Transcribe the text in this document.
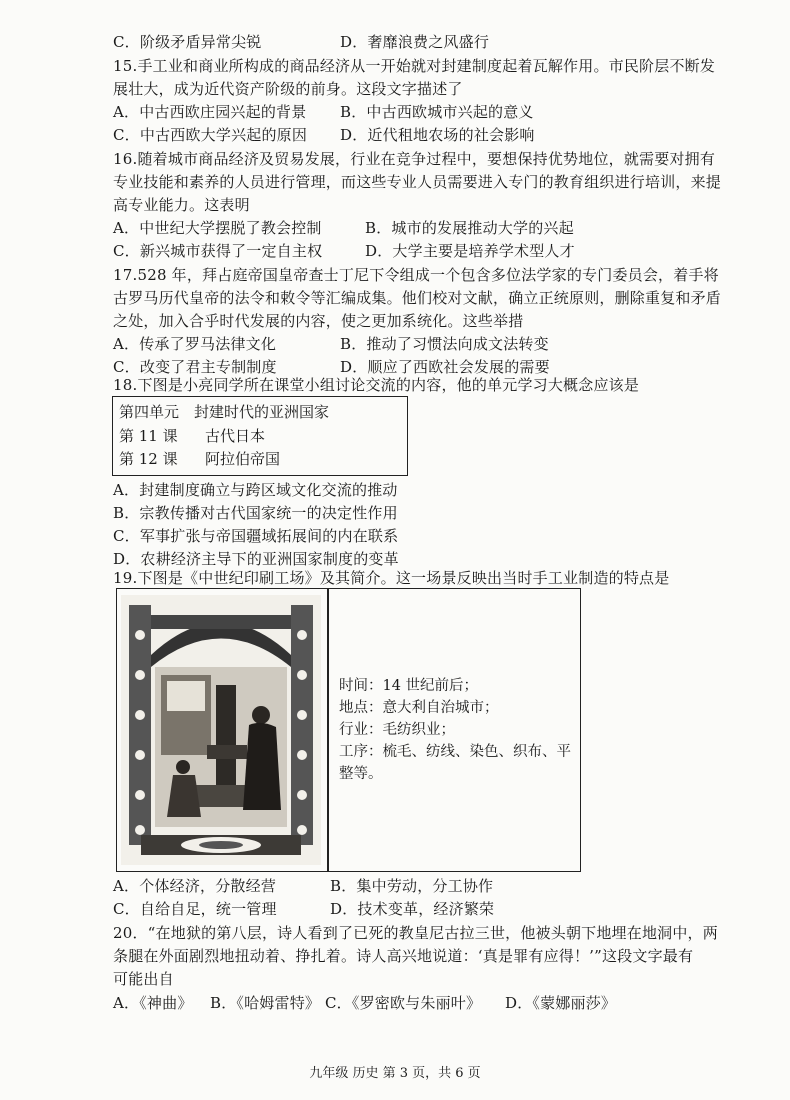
C．阶级矛盾异常尖锐	D．奢靡浪费之风盛行
15.手工业和商业所构成的商品经济从一开始就对封建制度起着瓦解作用。市民阶层不断发
展壮大，成为近代资产阶级的前身。这段文字描述了
A．中古西欧庄园兴起的背景 B．中古西欧城市兴起的意义
C．中古西欧大学兴起的原因 D．近代租地农场的社会影响
16.随着城市商品经济及贸易发展，行业在竞争过程中，要想保持优势地位，就需要对拥有
专业技能和素养的人员进行管理，而这些专业人员需要进入专门的教育组织进行培训，来提
高专业能力。这表明
A．中世纪大学摆脱了教会控制	B．城市的发展推动大学的兴起
C．新兴城市获得了一定自主权	D．大学主要是培养学术型人才
17.528 年，拜占庭帝国皇帝查士丁尼下令组成一个包含多位法学家的专门委员会，着手将
古罗马历代皇帝的法令和敕令等汇编成集。他们校对文献，确立正统原则，删除重复和矛盾
之处，加入合乎时代发展的内容，使之更加系统化。这些举措
A．传承了罗马法律文化	B．推动了习惯法向成文法转变
C．改变了君主专制制度	D．顺应了西欧社会发展的需要
18.下图是小亮同学所在课堂小组讨论交流的内容，他的单元学习大概念应该是
第四单元　封建时代的亚洲国家
第 11 课 古代日本
第 12 课 阿拉伯帝国
A．封建制度确立与跨区域文化交流的推动
B．宗教传播对古代国家统一的决定性作用
C．军事扩张与帝国疆域拓展间的内在联系
D．农耕经济主导下的亚洲国家制度的变革
19.下图是《中世纪印刷工场》及其简介。这一场景反映出当时手工业制造的特点是
时间：14 世纪前后；
地点：意大利自治城市；
行业：毛纺织业；
工序：梳毛、纺线、染色、织布、平
整等。
A．个体经济，分散经营	B．集中劳动，分工协作
C．自给自足，统一管理	D．技术变革，经济繁荣
20．“在地狱的第八层，诗人看到了已死的教皇尼古拉三世，他被头朝下地埋在地洞中，两
条腿在外面剧烈地扭动着、挣扎着。诗人高兴地说道：‘真是罪有应得！’”这段文字最有
可能出自
A．《神曲》 B．《哈姆雷特》 C．《罗密欧与朱丽叶》 D．《蒙娜丽莎》
九年级 历史 第 3 页，共 6 页
